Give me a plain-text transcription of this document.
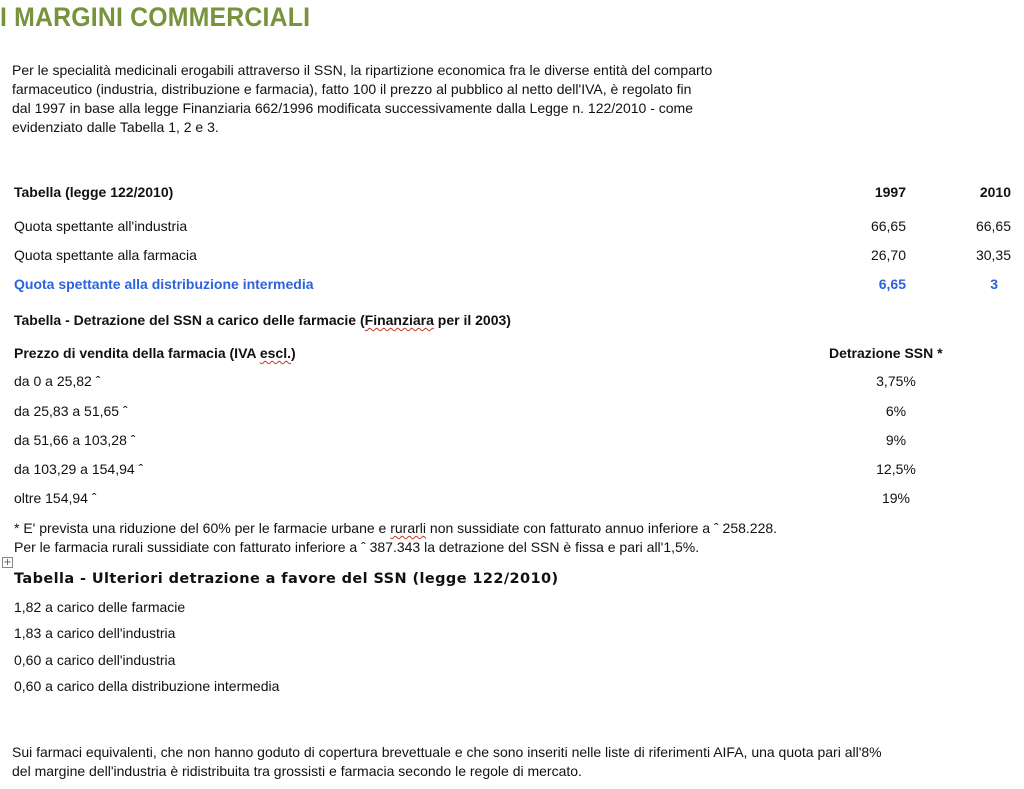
I MARGINI COMMERCIALI
Per le specialità medicinali erogabili attraverso il SSN, la ripartizione economica fra le diverse entità del comparto
farmaceutico (industria, distribuzione e farmacia), fatto 100 il prezzo al pubblico al netto dell'IVA, è regolato fin
dal 1997 in base alla legge Finanziaria 662/1996 modificata successivamente dalla Legge n. 122/2010 - come
evidenziato dalle Tabella 1, 2 e 3.
Tabella (legge 122/2010)	1997	2010
Quota spettante all'industria	66,65	66,65
Quota spettante alla farmacia	26,70	30,35
Quota spettante alla distribuzione intermedia	6,65	3
Tabella - Detrazione del SSN a carico delle farmacie (Finanziara per il 2003)
Prezzo di vendita della farmacia (IVA escl.)	Detrazione SSN *
da 0 a 25,82 ˆ	3,75%
da 25,83 a 51,65 ˆ	6%
da 51,66 a 103,28 ˆ	9%
da 103,29 a 154,94 ˆ	12,5%
oltre 154,94 ˆ	19%
* E' prevista una riduzione del 60% per le farmacie urbane e rurarli non sussidiate con fatturato annuo inferiore a ˆ 258.228.
Per le farmacia rurali sussidiate con fatturato inferiore a ˆ 387.343 la detrazione del SSN è fissa e pari all'1,5%.
+
Tabella - Ulteriori detrazione a favore del SSN (legge 122/2010)
1,82 a carico delle farmacie
1,83 a carico dell'industria
0,60 a carico dell'industria
0,60 a carico della distribuzione intermedia
Sui farmaci equivalenti, che non hanno goduto di copertura brevettuale e che sono inseriti nelle liste di riferimenti AIFA, una quota pari all'8%
del margine dell'industria è ridistribuita tra grossisti e farmacia secondo le regole di mercato.
